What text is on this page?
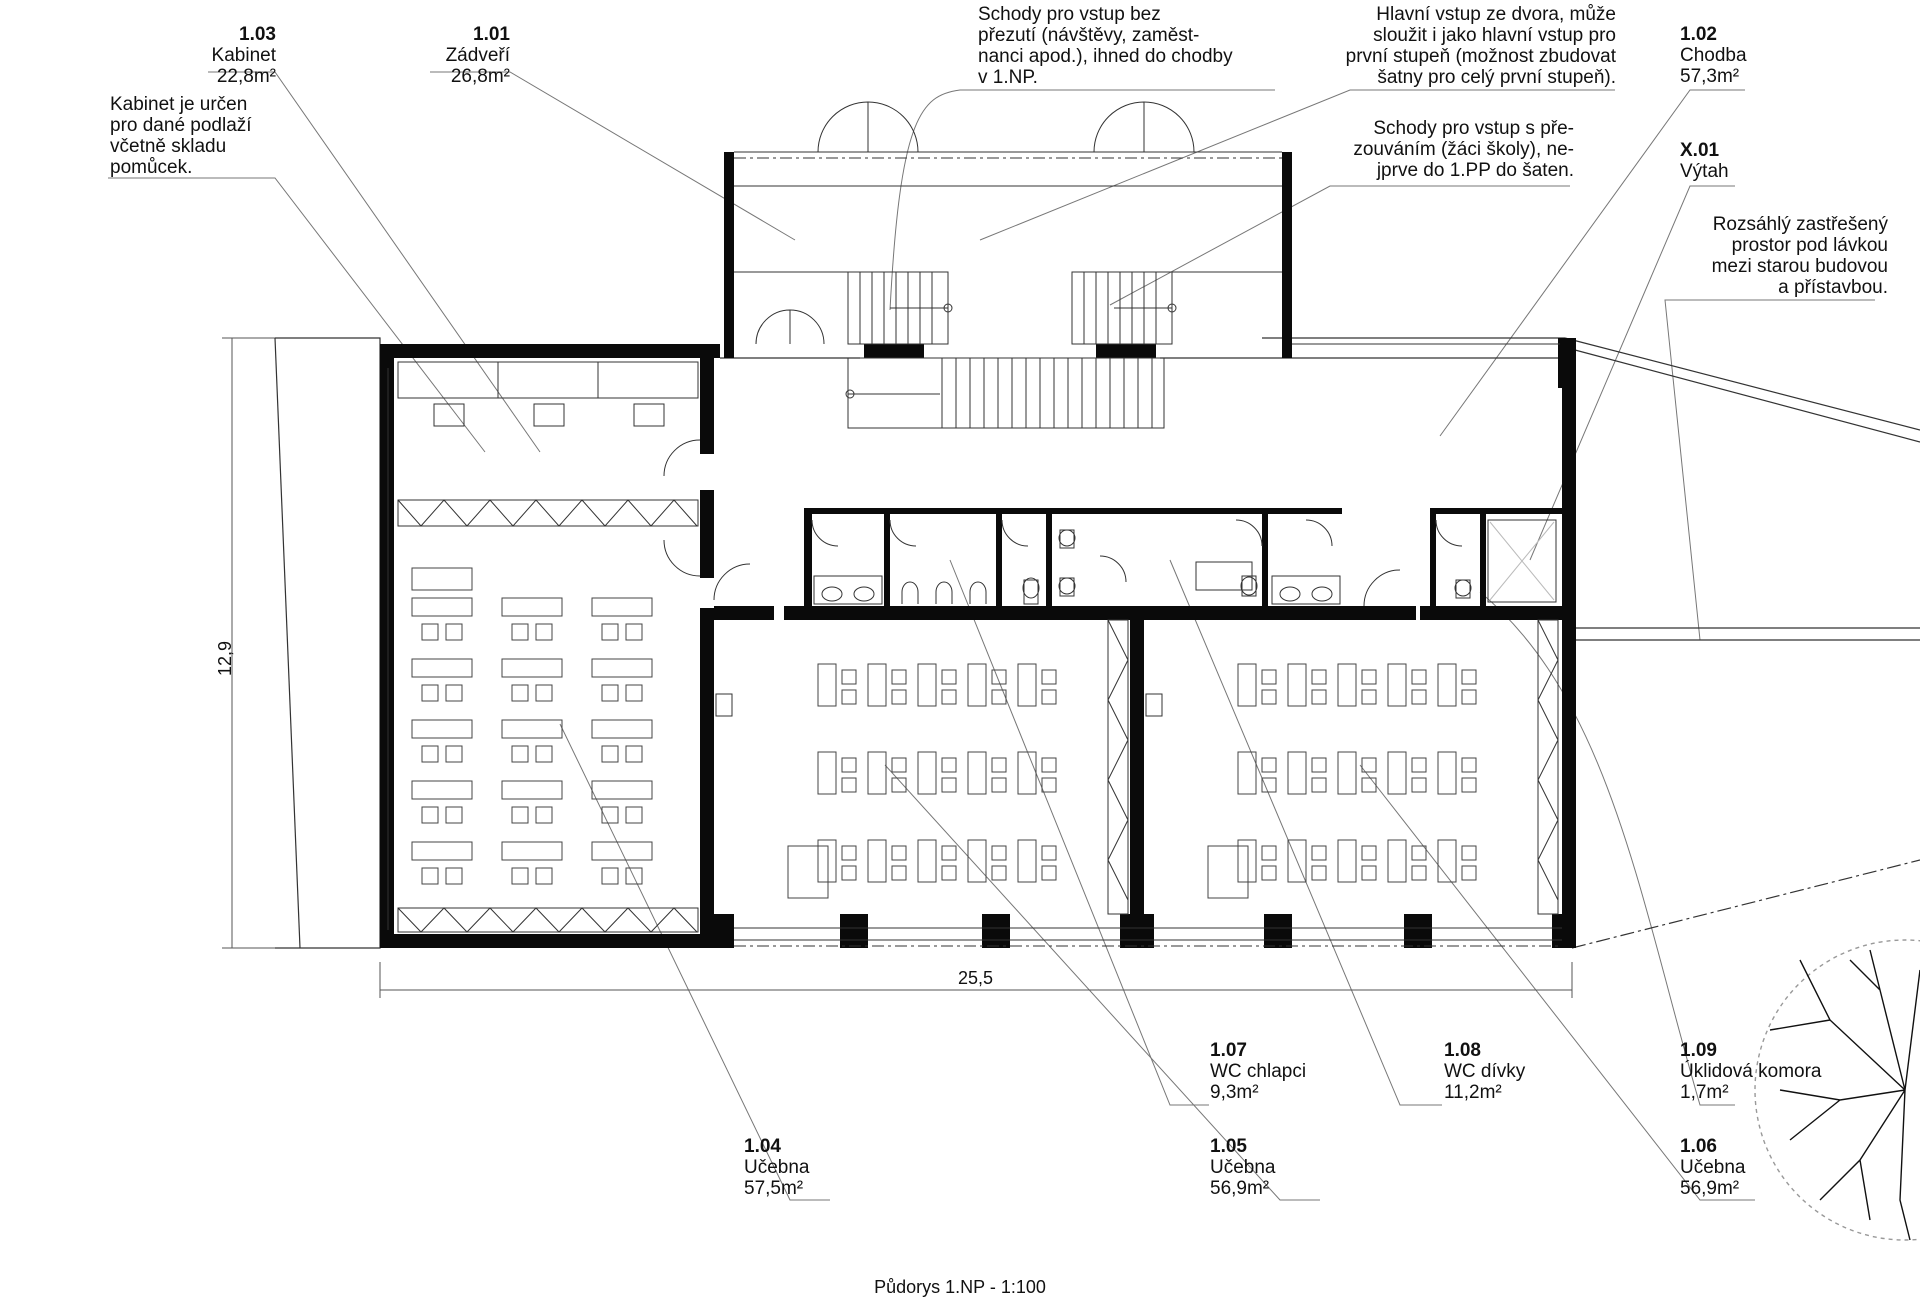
1.03
Kabinet
22,8m²
1.01
Zádveří
26,8m²
1.02
Chodba
57,3m²
X.01
Výtah
1.07
WC chlapci
9,3m²
1.08
WC dívky
11,2m²
1.09
Úklidová komora
1,7m²
1.04
Učebna
57,5m²
1.05
Učebna
56,9m²
1.06
Učebna
56,9m²
Kabinet je určen
pro dané podlaží
včetně skladu
pomůcek.
Schody pro vstup bez
přezutí (návštěvy, zaměst-
nanci apod.), ihned do chodby
v 1.NP.
Hlavní vstup ze dvora, může
sloužit i jako hlavní vstup pro
první stupeň (možnost zbudovat
šatny pro celý první stupeň).
Schody pro vstup s pře-
zouváním (žáci školy), ne-
jprve do 1.PP do šaten.
Rozsáhlý zastřešený
prostor pod lávkou
mezi starou budovou
a přístavbou.
25,5
12,9
Půdorys 1.NP - 1:100
